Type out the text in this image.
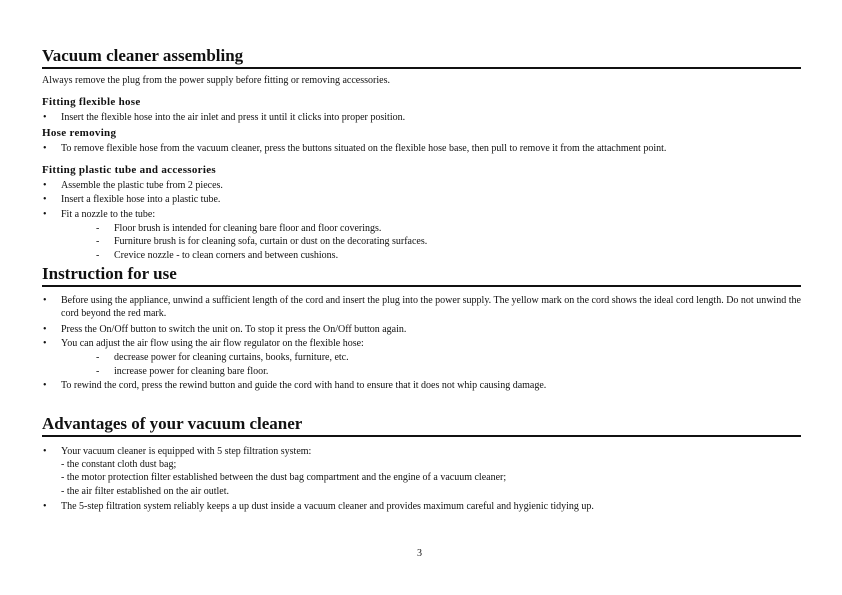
Vacuum cleaner assembling
Always remove the plug from the power supply before fitting or removing accessories.
Fitting flexible hose
• Insert the flexible hose into the air inlet and press it until it clicks into proper position.
Hose removing
• To remove flexible hose from the vacuum cleaner, press the buttons situated on the flexible hose base, then pull to remove it from the attachment point.
Fitting plastic tube and accessories
• Assemble the plastic tube from 2 pieces.
• Insert a flexible hose into a plastic tube.
• Fit a nozzle to the tube:
- Floor brush is intended for cleaning bare floor and floor coverings.
- Furniture brush is for cleaning sofa, curtain or dust on the decorating surfaces.
- Crevice nozzle - to clean corners and between cushions.
Instruction for use
• Before using the appliance, unwind a sufficient length of the cord and insert the plug into the power supply. The yellow mark on the cord shows the ideal cord length. Do not unwind the cord beyond the red mark.
• Press the On/Off button to switch the unit on. To stop it press the On/Off button again.
• You can adjust the air flow using the air flow regulator on the flexible hose:
- decrease power for cleaning curtains, books, furniture, etc.
- increase power for cleaning bare floor.
• To rewind the cord, press the rewind button and guide the cord with hand to ensure that it does not whip causing damage.
Advantages of your vacuum cleaner
• Your vacuum cleaner is equipped with 5 step filtration system:
- the constant cloth dust bag;
- the motor protection filter established between the dust bag compartment and the engine of a vacuum cleaner;
- the air filter established on the air outlet.
• The 5-step filtration system reliably keeps a up dust inside a vacuum cleaner and provides maximum careful and hygienic tidying up.
3
